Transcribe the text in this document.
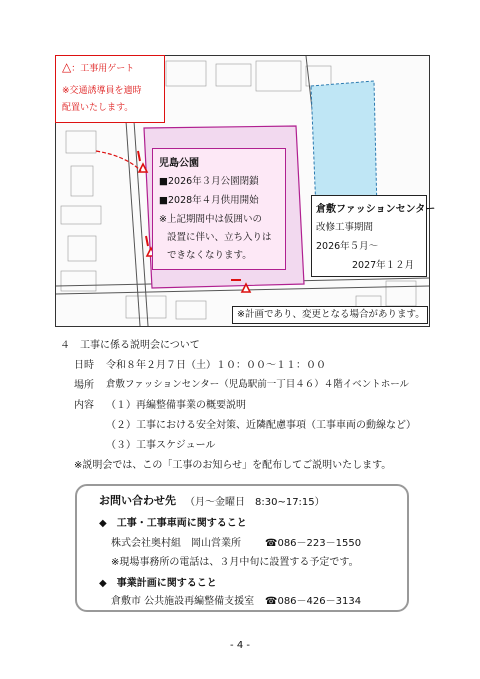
△：工事用ゲート
※交通誘導員を適時
配置いたします。
児島公園
■2026年３月公園閉鎖
■2028年４月供用開始
※上記期間中は仮囲いの
設置に伴い、立ち入りは
できなくなります。
倉敷ファッションセンター
改修工事期間
2026年５月～
2027年１２月
※計画であり、変更となる場合があります。
４　工事に係る説明会について
日時 令和８年２月７日（土）１０：００～１１：００
場所 倉敷ファッションセンター（児島駅前一丁目４６）４階イベントホール
内容 （１）再編整備事業の概要説明
（２）工事における安全対策、近隣配慮事項（工事車両の動線など）
（３）工事スケジュール
※説明会では、この「工事のお知らせ」を配布してご説明いたします。
お問い合わせ先 （月～金曜日　8:30~17:15）
◆　工事・工事車両に関すること
株式会社奥村組　岡山営業所 ☎086－223－1550
※現場事務所の電話は、３月中旬に設置する予定です。
◆　事業計画に関すること
倉敷市 公共施設再編整備支援室 ☎086－426－3134
- 4 -
